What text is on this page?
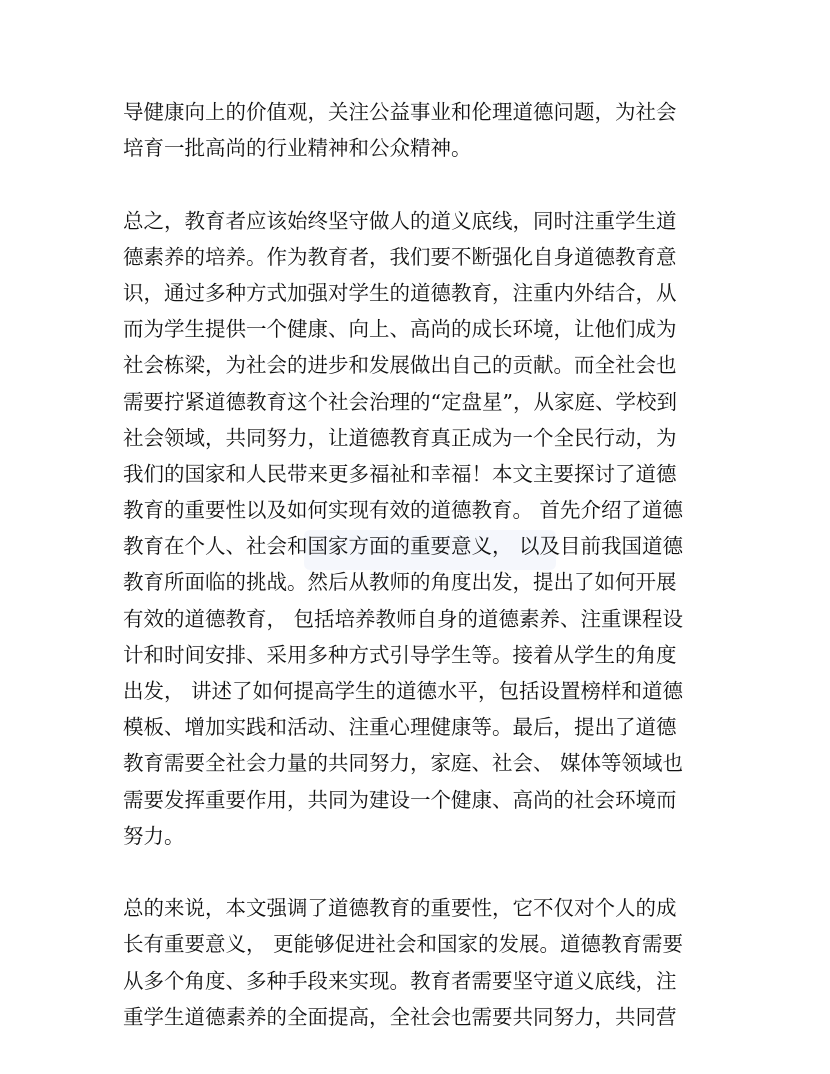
导健康向上的价值观，关注公益事业和伦理道德问题，为社会
培育一批高尚的行业精神和公众精神。
总之，教育者应该始终坚守做人的道义底线，同时注重学生道
德素养的培养。作为教育者，我们要不断强化自身道德教育意
识，通过多种方式加强对学生的道德教育，注重内外结合，从
而为学生提供一个健康、向上、高尚的成长环境，让他们成为
社会栋梁，为社会的进步和发展做出自己的贡献。而全社会也
需要拧紧道德教育这个社会治理的“定盘星”，从家庭、学校到
社会领域，共同努力，让道德教育真正成为一个全民行动，为
我们的国家和人民带来更多福祉和幸福！本文主要探讨了道德
教育的重要性以及如何实现有效的道德教育。 首先介绍了道德
教育在个人、社会和国家方面的重要意义， 以及目前我国道德
教育所面临的挑战。然后从教师的角度出发，提出了如何开展
有效的道德教育， 包括培养教师自身的道德素养、注重课程设
计和时间安排、采用多种方式引导学生等。接着从学生的角度
出发， 讲述了如何提高学生的道德水平，包括设置榜样和道德
模板、增加实践和活动、注重心理健康等。最后，提出了道德
教育需要全社会力量的共同努力，家庭、社会、 媒体等领域也
需要发挥重要作用，共同为建设一个健康、高尚的社会环境而
努力。
总的来说，本文强调了道德教育的重要性，它不仅对个人的成
长有重要意义， 更能够促进社会和国家的发展。道德教育需要
从多个角度、多种手段来实现。教育者需要坚守道义底线，注
重学生道德素养的全面提高，全社会也需要共同努力，共同营
